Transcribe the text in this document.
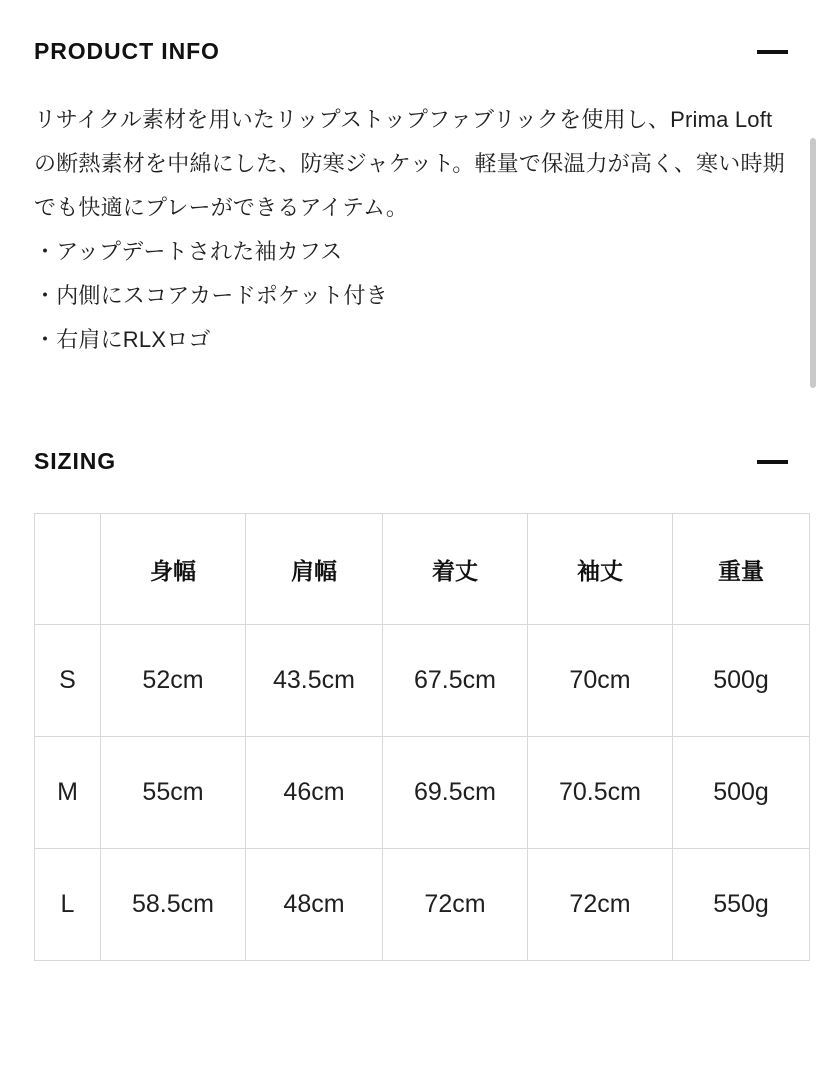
PRODUCT INFO

リサイクル素材を用いたリップストップファブリックを使用し、Prima Loftの断熱素材を中綿にした、防寒ジャケット。軽量で保温力が高く、寒い時期でも快適にプレーができるアイテム。

・アップデートされた袖カフス

・内側にスコアカードポケット付き

・右肩にRLXロゴ

SIZING
	身幅	肩幅	着丈	袖丈	重量
S	52cm	43.5cm	67.5cm	70cm	500g
M	55cm	46cm	69.5cm	70.5cm	500g
L	58.5cm	48cm	72cm	72cm	550g
